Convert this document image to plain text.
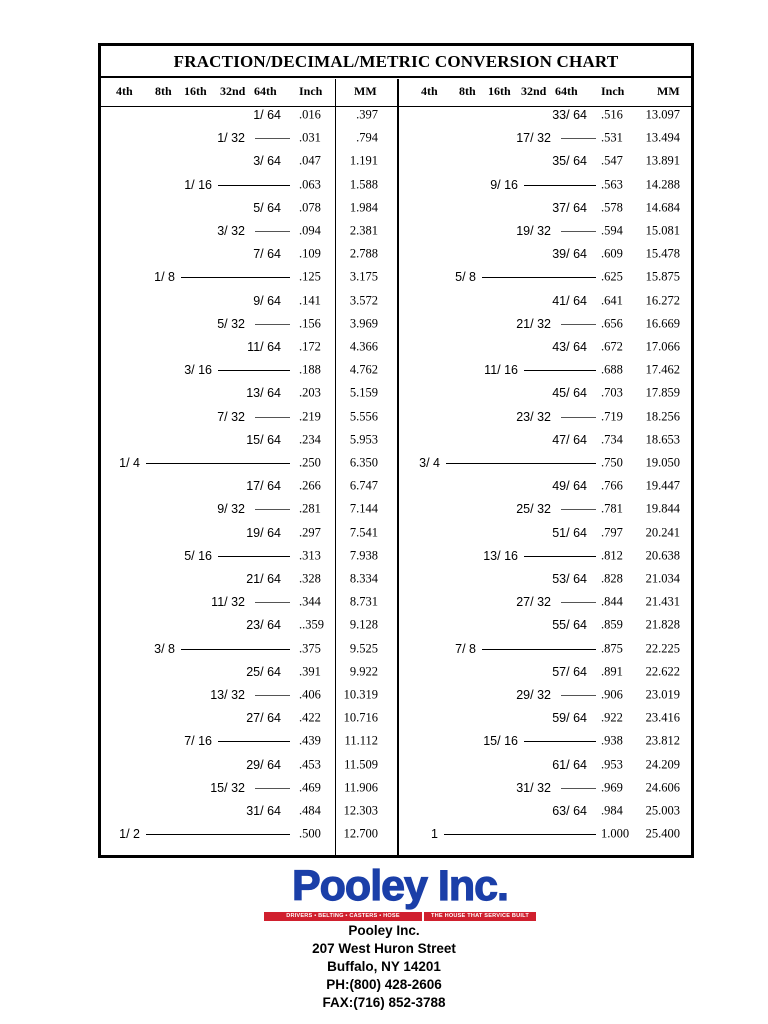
FRACTION/DECIMAL/METRIC CONVERSION CHART
4th 8th 16th 32nd 64th Inch	MM
1/ 64 .016	.397
1/ 32	.031	.794
3/ 64 .047 1.191
1/ 16	.063 1.588
5/ 64 .078 1.984
3/ 32	.094 2.381
7/ 64 .109 2.788
1/ 8	.125 3.175
9/ 64 .141 3.572
5/ 32	.156 3.969
11/ 64 .172 4.366
3/ 16	.188 4.762
13/ 64 .203 5.159
7/ 32	.219 5.556
15/ 64 .234 5.953
1/ 4	.250 6.350
17/ 64 .266 6.747
9/ 32	.281 7.144
19/ 64 .297 7.541
5/ 16	.313 7.938
21/ 64 .328 8.334
11/ 32	.344 8.731
23/ 64 ..359 9.128
3/ 8	.375 9.525
25/ 64 .391 9.922
13/ 32	.406 10.319
27/ 64 .422 10.716
7/ 16	.439 11.112
29/ 64 .453 11.509
15/ 32	.469 11.906
31/ 64 .484 12.303
1/ 2	.500 12.700
4th 8th 16th 32nd 64th Inch	MM
33/ 64 .516 13.097
17/ 32	.531 13.494
35/ 64 .547 13.891
9/ 16	.563 14.288
37/ 64 .578 14.684
19/ 32	.594 15.081
39/ 64 .609 15.478
5/ 8	.625 15.875
41/ 64 .641 16.272
21/ 32	.656 16.669
43/ 64 .672 17.066
11/ 16	.688 17.462
45/ 64 .703 17.859
23/ 32	.719 18.256
47/ 64 .734 18.653
3/ 4	.750 19.050
49/ 64 .766 19.447
25/ 32	.781 19.844
51/ 64 .797 20.241
13/ 16	.812 20.638
53/ 64 .828 21.034
27/ 32	.844 21.431
55/ 64 .859 21.828
7/ 8	.875 22.225
57/ 64 .891 22.622
29/ 32	.906 23.019
59/ 64 .922 23.416
15/ 16	.938 23.812
61/ 64 .953 24.209
31/ 32	.969 24.606
63/ 64 .984 25.003
1	1.000 25.400
Pooley Inc.
DRIVERS • BELTING • CASTERS • HOSE	THE HOUSE THAT SERVICE BUILT
Pooley Inc.
207 West Huron Street
Buffalo, NY 14201
PH:(800) 428-2606
FAX:(716) 852-3788
